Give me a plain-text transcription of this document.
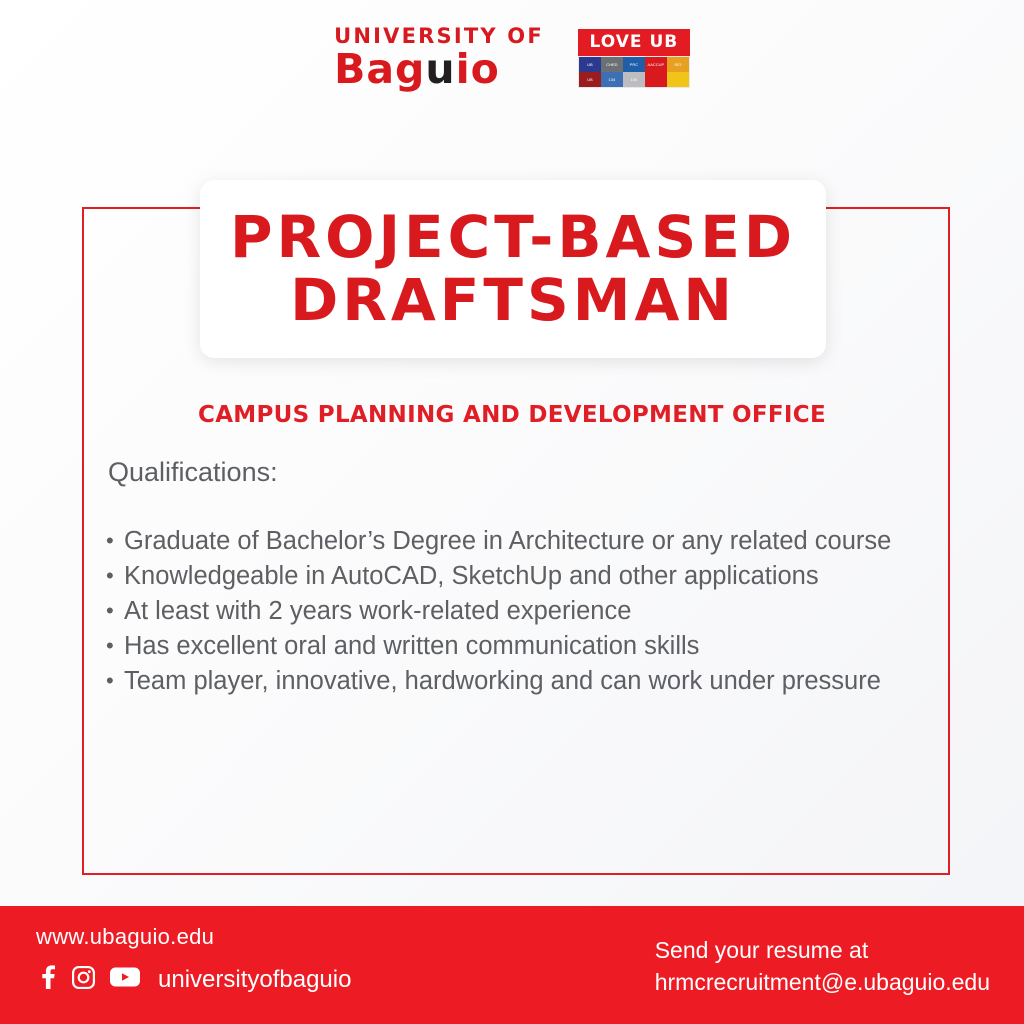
UNIVERSITY OF
Baguio
LOVE UB
UB	CHED	PRC	AACCUP	ISO
UB	134	100
PROJECT-BASED
DRAFTSMAN
CAMPUS PLANNING AND DEVELOPMENT OFFICE
Qualifications:
• Graduate of Bachelor’s Degree in Architecture or any related course
• Knowledgeable in AutoCAD, SketchUp and other applications
• At least with 2 years work-related experience
• Has excellent oral and written communication skills
• Team player, innovative, hardworking and can work under pressure
www.ubaguio.edu
universityofbaguio
Send your resume at
hrmcrecruitment@e.ubaguio.edu
